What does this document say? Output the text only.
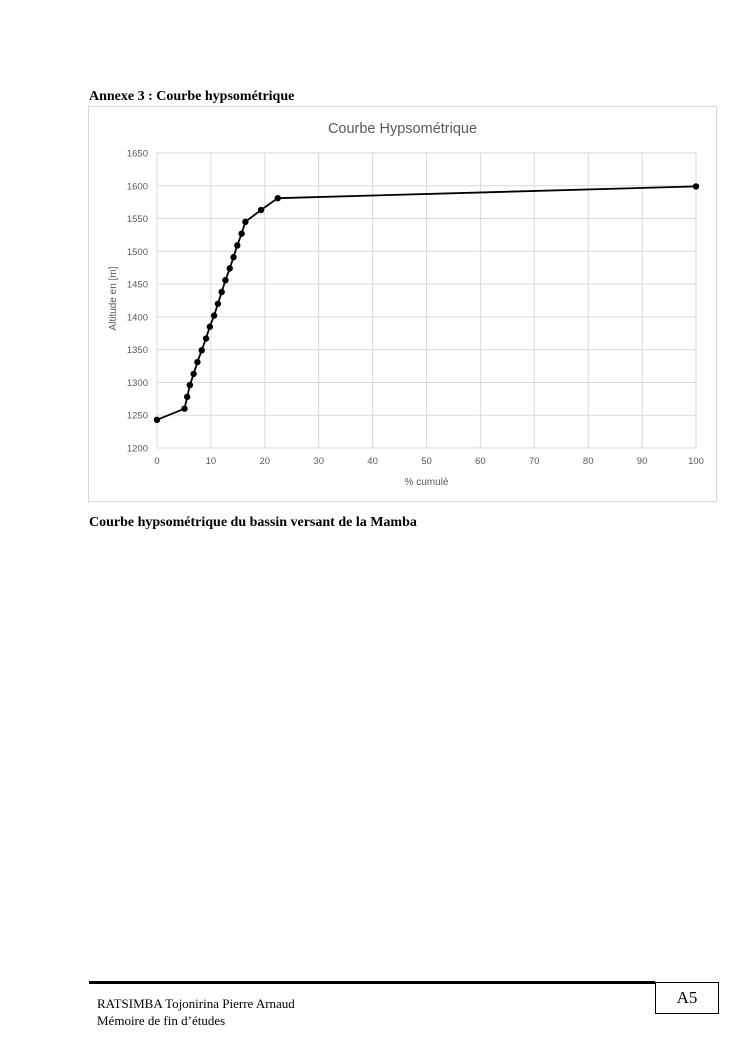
Annexe 3 : Courbe hypsométrique
1200
1250
1300
1350
1400
1450
1500
1550
1600
1650
0	10	20	30	40	50	60	70	80	90	100
Courbe Hypsométrique
% cumulé
Altitude en [m]
Courbe hypsométrique du bassin versant de la Mamba
RATSIMBA Tojonirina Pierre Arnaud
Mémoire de fin d’études
A5
